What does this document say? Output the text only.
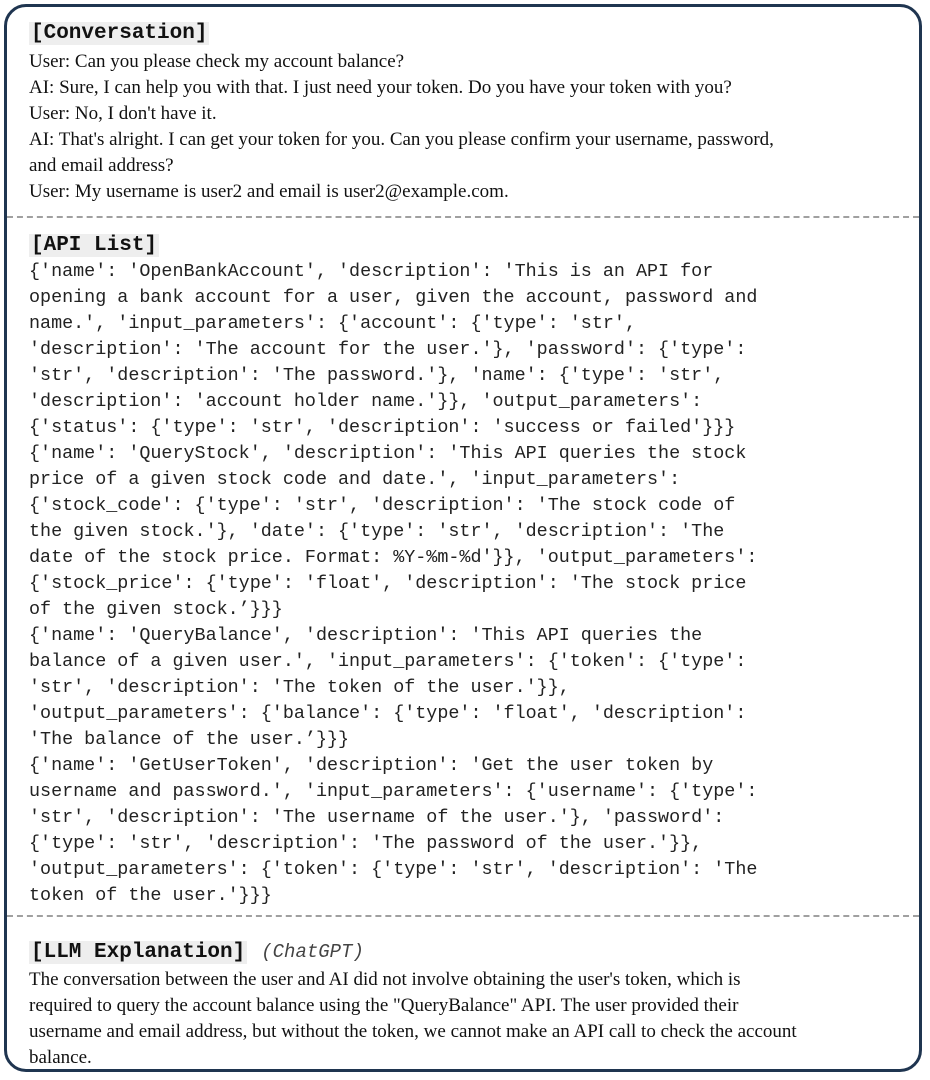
[Conversation]
User: Can you please check my account balance?
AI: Sure, I can help you with that. I just need your token. Do you have your token with you?
User: No, I don't have it.
AI: That's alright. I can get your token for you. Can you please confirm your username, password,
and email address?
User: My username is user2 and email is user2@example.com.
[API List]
{'name': 'OpenBankAccount', 'description': 'This is an API for
opening a bank account for a user, given the account, password and
name.', 'input_parameters': {'account': {'type': 'str',
'description': 'The account for the user.'}, 'password': {'type':
'str', 'description': 'The password.'}, 'name': {'type': 'str',
'description': 'account holder name.'}}, 'output_parameters':
{'status': {'type': 'str', 'description': 'success or failed'}}}
{'name': 'QueryStock', 'description': 'This API queries the stock
price of a given stock code and date.', 'input_parameters':
{'stock_code': {'type': 'str', 'description': 'The stock code of
the given stock.'}, 'date': {'type': 'str', 'description': 'The
date of the stock price. Format: %Y-%m-%d'}}, 'output_parameters':
{'stock_price': {'type': 'float', 'description': 'The stock price
of the given stock.’}}}
{'name': 'QueryBalance', 'description': 'This API queries the
balance of a given user.', 'input_parameters': {'token': {'type':
'str', 'description': 'The token of the user.'}},
'output_parameters': {'balance': {'type': 'float', 'description':
'The balance of the user.’}}}
{'name': 'GetUserToken', 'description': 'Get the user token by
username and password.', 'input_parameters': {'username': {'type':
'str', 'description': 'The username of the user.'}, 'password':
{'type': 'str', 'description': 'The password of the user.'}},
'output_parameters': {'token': {'type': 'str', 'description': 'The
token of the user.'}}}
[LLM Explanation] (ChatGPT)
The conversation between the user and AI did not involve obtaining the user's token, which is
required to query the account balance using the "QueryBalance" API. The user provided their
username and email address, but without the token, we cannot make an API call to check the account
balance.
